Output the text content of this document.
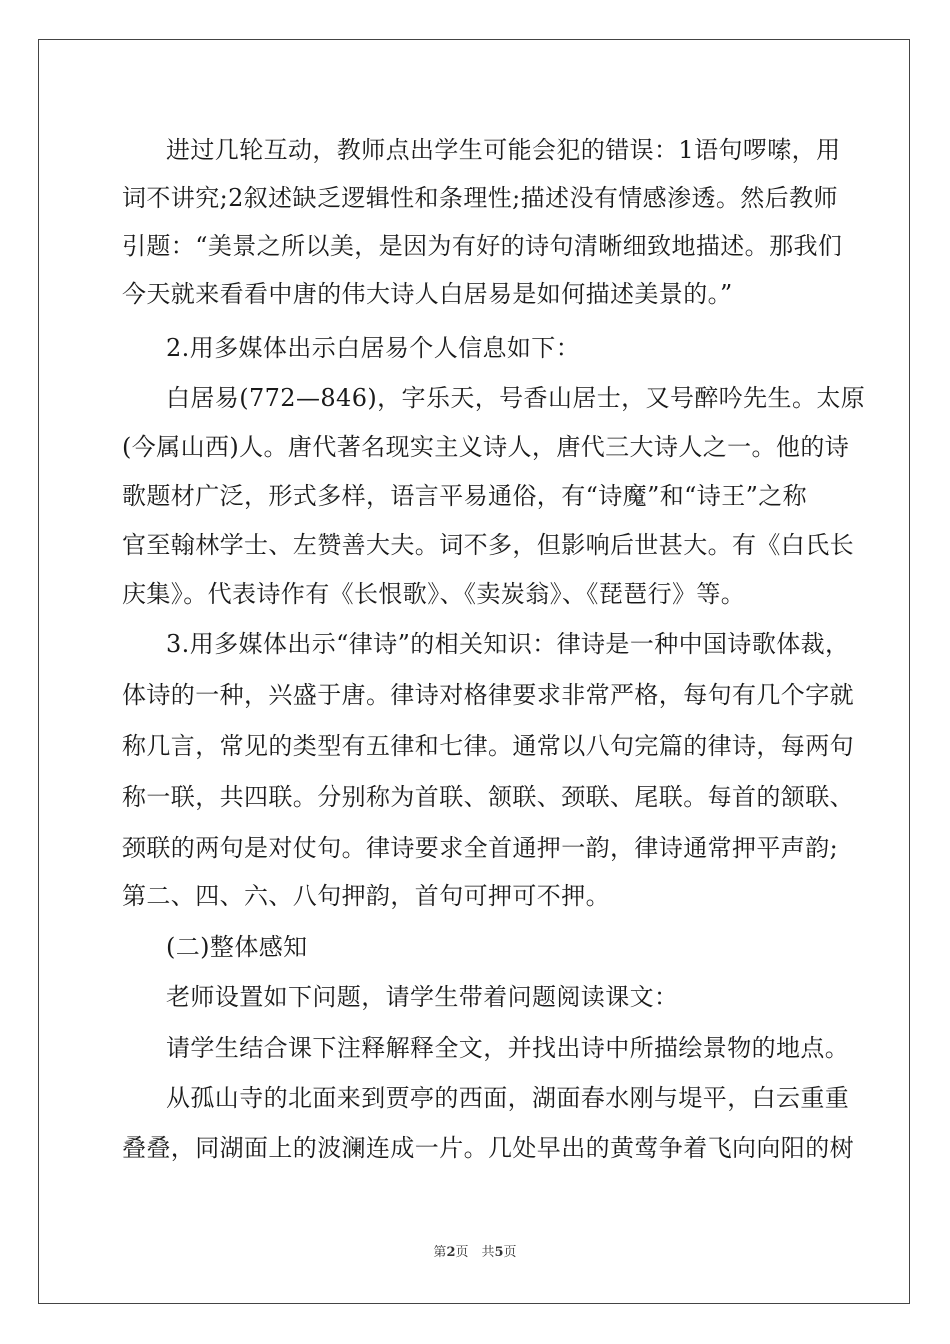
进过几轮互动，教师点出学生可能会犯的错误：1语句啰嗦，用
词不讲究;2叙述缺乏逻辑性和条理性;描述没有情感渗透。然后教师
引题：“美景之所以美，是因为有好的诗句清晰细致地描述。那我们
今天就来看看中唐的伟大诗人白居易是如何描述美景的。”
2.用多媒体出示白居易个人信息如下：
白居易(772—846)，字乐天，号香山居士，又号醉吟先生。太原
(今属山西)人。唐代著名现实主义诗人，唐代三大诗人之一。他的诗
歌题材广泛，形式多样，语言平易通俗，有“诗魔”和“诗王”之称
官至翰林学士、左赞善大夫。词不多，但影响后世甚大。有《白氏长
庆集》。代表诗作有《长恨歌》、《卖炭翁》、《琵琶行》等。
3.用多媒体出示“律诗”的相关知识：律诗是一种中国诗歌体裁，
体诗的一种，兴盛于唐。律诗对格律要求非常严格，每句有几个字就
称几言，常见的类型有五律和七律。通常以八句完篇的律诗，每两句
称一联，共四联。分别称为首联、颔联、颈联、尾联。每首的颔联、
颈联的两句是对仗句。律诗要求全首通押一韵，律诗通常押平声韵;
第二、四、六、八句押韵，首句可押可不押。
(二)整体感知
老师设置如下问题，请学生带着问题阅读课文：
请学生结合课下注释解释全文，并找出诗中所描绘景物的地点。
从孤山寺的北面来到贾亭的西面，湖面春水刚与堤平，白云重重
叠叠，同湖面上的波澜连成一片。几处早出的黄莺争着飞向向阳的树
第2页　共5页
